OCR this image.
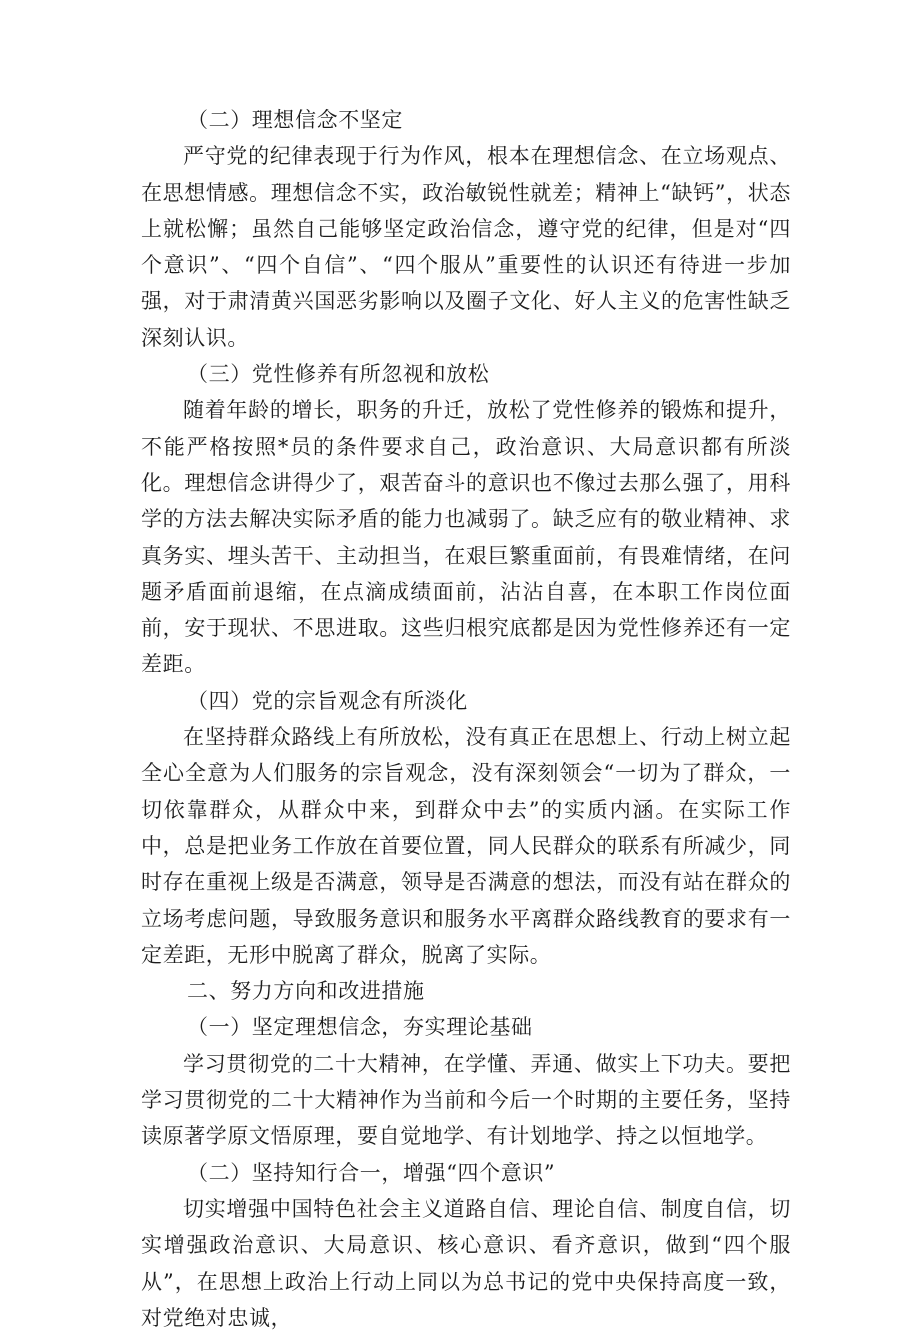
（二）理想信念不坚定

严守党的纪律表现于行为作风，根本在理想信念、在立场观点、在思想情感。理想信念不实，政治敏锐性就差；精神上“缺钙”，状态上就松懈；虽然自己能够坚定政治信念，遵守党的纪律，但是对“四个意识”、“四个自信”、“四个服从”重要性的认识还有待进一步加强，对于肃清黄兴国恶劣影响以及圈子文化、好人主义的危害性缺乏深刻认识。

（三）党性修养有所忽视和放松

随着年龄的增长，职务的升迁，放松了党性修养的锻炼和提升，不能严格按照*员的条件要求自己，政治意识、大局意识都有所淡化。理想信念讲得少了，艰苦奋斗的意识也不像过去那么强了，用科学的方法去解决实际矛盾的能力也减弱了。缺乏应有的敬业精神、求真务实、埋头苦干、主动担当，在艰巨繁重面前，有畏难情绪，在问题矛盾面前退缩，在点滴成绩面前，沾沾自喜，在本职工作岗位面前，安于现状、不思进取。这些归根究底都是因为党性修养还有一定差距。

（四）党的宗旨观念有所淡化

在坚持群众路线上有所放松，没有真正在思想上、行动上树立起全心全意为人们服务的宗旨观念，没有深刻领会“一切为了群众，一切依靠群众，从群众中来，到群众中去”的实质内涵。在实际工作中，总是把业务工作放在首要位置，同人民群众的联系有所减少，同时存在重视上级是否满意，领导是否满意的想法，而没有站在群众的立场考虑问题，导致服务意识和服务水平离群众路线教育的要求有一定差距，无形中脱离了群众，脱离了实际。

二、努力方向和改进措施

（一）坚定理想信念，夯实理论基础

学习贯彻党的二十大精神，在学懂、弄通、做实上下功夫。要把学习贯彻党的二十大精神作为当前和今后一个时期的主要任务，坚持读原著学原文悟原理，要自觉地学、有计划地学、持之以恒地学。

（二）坚持知行合一，增强“四个意识”

切实增强中国特色社会主义道路自信、理论自信、制度自信，切实增强政治意识、大局意识、核心意识、看齐意识，做到“四个服从”，在思想上政治上行动上同以为总书记的党中央保持高度一致，对党绝对忠诚，
